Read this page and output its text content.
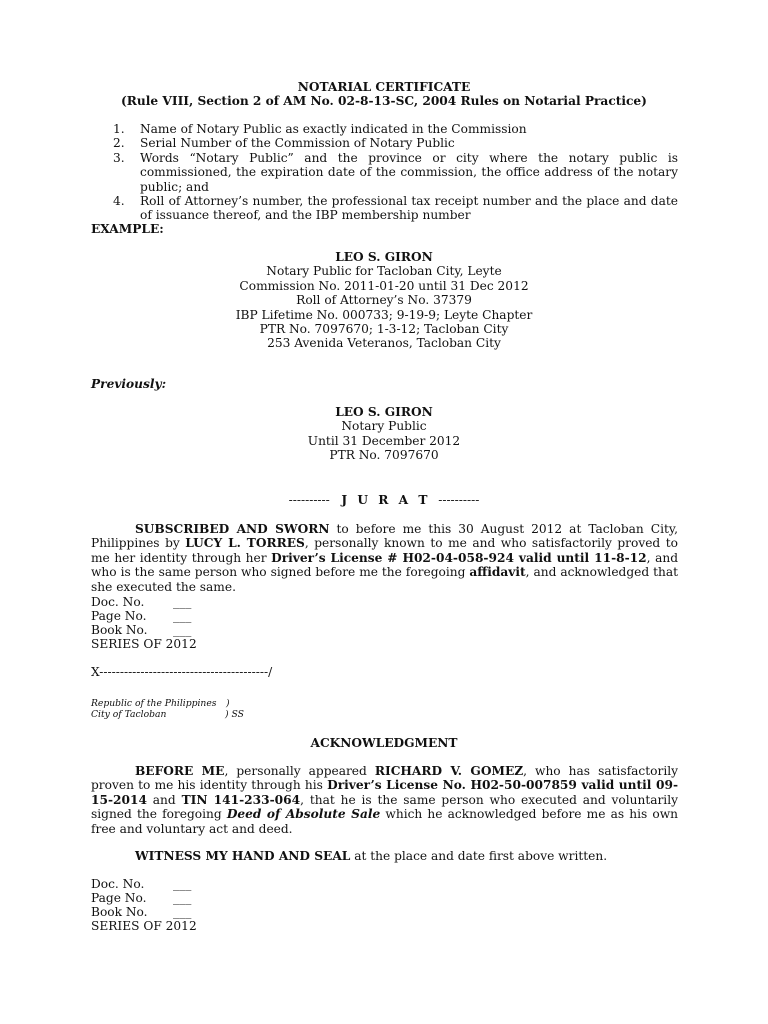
NOTARIAL CERTIFICATE
(Rule VIII, Section 2 of AM No. 02-8-13-SC, 2004 Rules on Notarial Practice)
1. Name of Notary Public as exactly indicated in the Commission
2. Serial Number of the Commission of Notary Public
3. Words “Notary Public” and the province or city where the notary public is commissioned, the expiration date of the commission, the office address of the notary public; and
4. Roll of Attorney’s number, the professional tax receipt number and the place and date of issuance thereof, and the IBP membership number
EXAMPLE:
LEO S. GIRON
Notary Public for Tacloban City, Leyte
Commission No. 2011-01-20 until 31 Dec 2012
Roll of Attorney’s No. 37379
IBP Lifetime No. 000733; 9-19-9; Leyte Chapter
PTR No. 7097670; 1-3-12; Tacloban City
253 Avenida Veteranos, Tacloban City
Previously:
LEO S. GIRON
Notary Public
Until 31 December 2012
PTR No. 7097670
---------- J U R A T ----------
SUBSCRIBED AND SWORN to before me this 30 August 2012 at Tacloban City, Philippines by LUCY L. TORRES, personally known to me and who satisfactorily proved to me her identity through her Driver’s License # H02-04-058-924 valid until 11-8-12, and who is the same person who signed before me the foregoing affidavit, and acknowledged that she executed the same.
Doc. No. ___
Page No. ___
Book No. ___
SERIES OF 2012
X-----------------------------------------/
Republic of the Philippines )
City of Tacloban	) SS
ACKNOWLEDGMENT
BEFORE ME, personally appeared RICHARD V. GOMEZ, who has satisfactorily proven to me his identity through his Driver’s License No. H02-50-007859 valid until 09-15-2014 and TIN 141-233-064, that he is the same person who executed and voluntarily signed the foregoing Deed of Absolute Sale which he acknowledged before me as his own free and voluntary act and deed.
WITNESS MY HAND AND SEAL at the place and date first above written.
Doc. No. ___
Page No. ___
Book No. ___
SERIES OF 2012
